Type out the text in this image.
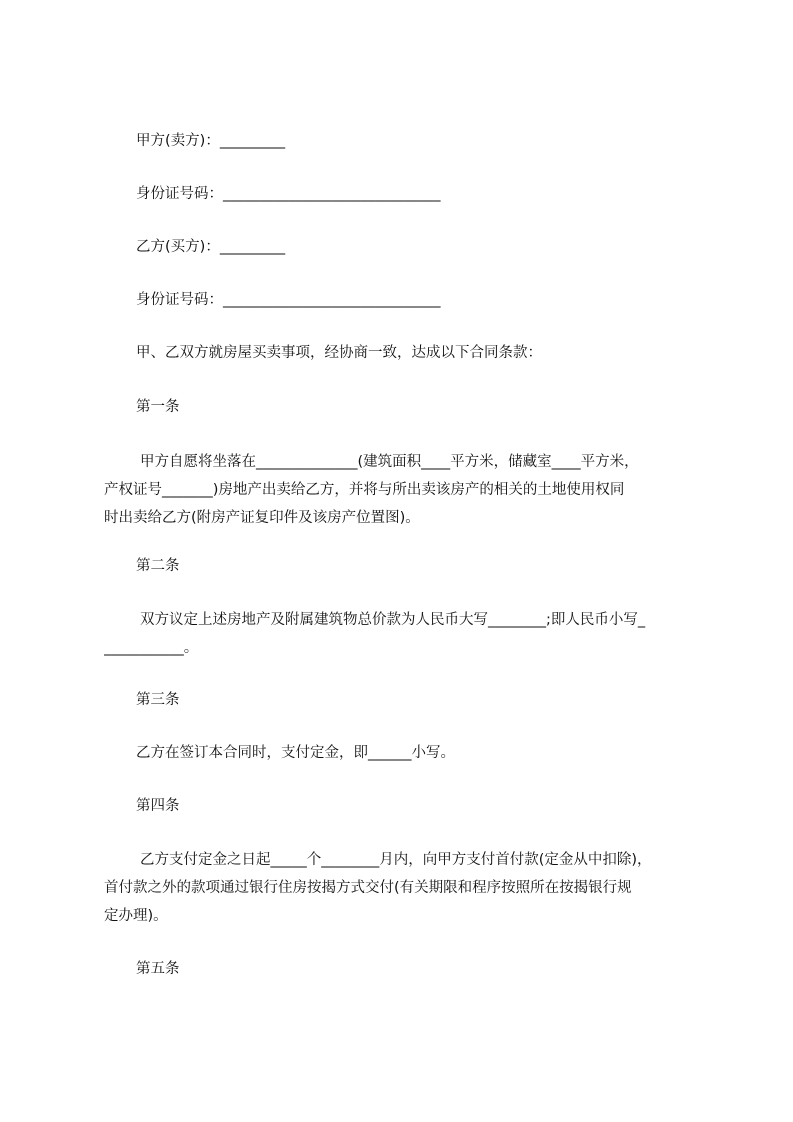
甲方(卖方)：_________
身份证号码：______________________________
乙方(买方)：_________
身份证号码：______________________________
甲、乙双方就房屋买卖事项，经协商一致，达成以下合同条款：
第一条
甲方自愿将坐落在______________(建筑面积____平方米，储藏室____平方米，
产权证号_______)房地产出卖给乙方，并将与所出卖该房产的相关的土地使用权同
时出卖给乙方(附房产证复印件及该房产位置图)。
第二条
双方议定上述房地产及附属建筑物总价款为人民币大写________;即人民币小写_
___________。
第三条
乙方在签订本合同时，支付定金，即______小写。
第四条
乙方支付定金之日起_____个________月内，向甲方支付首付款(定金从中扣除)，
首付款之外的款项通过银行住房按揭方式交付(有关期限和程序按照所在按揭银行规
定办理)。
第五条
